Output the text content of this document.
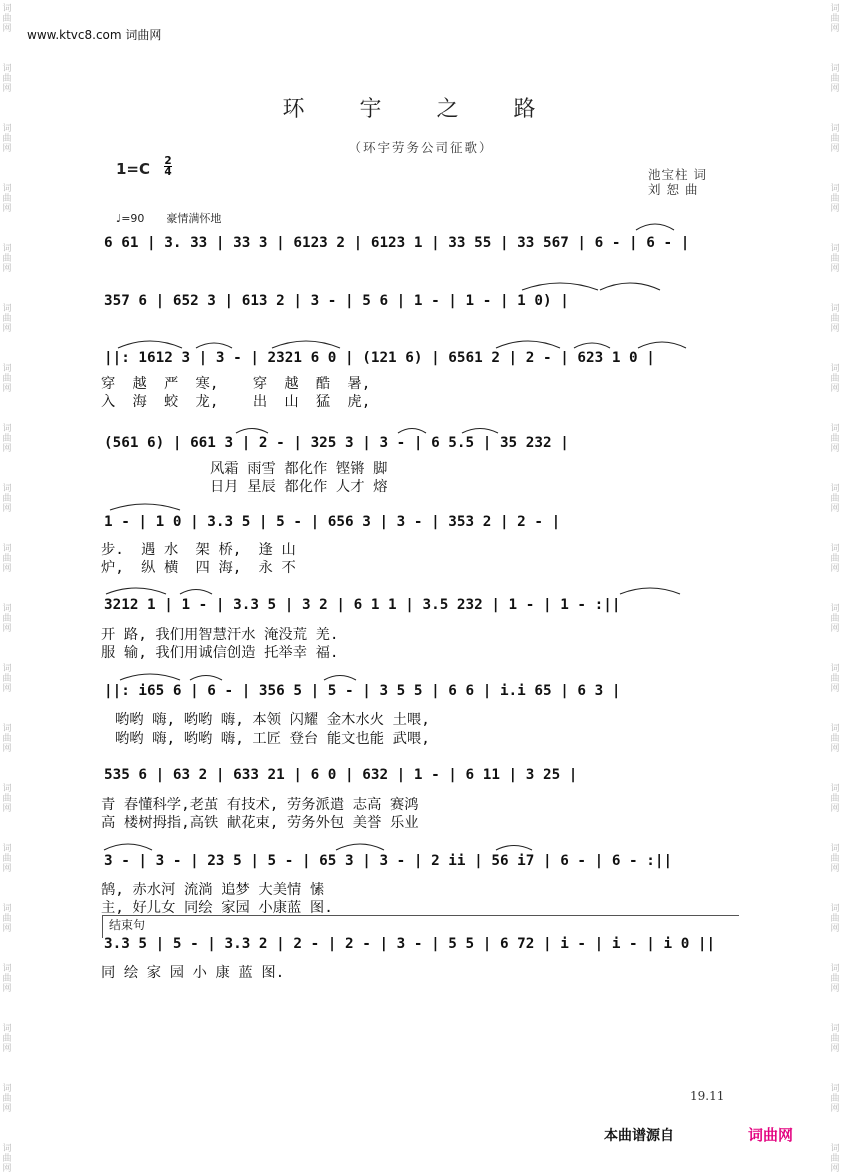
词
曲
网
词
曲
网
词
曲
网
词
曲
网
词
曲
网
词
曲
网
词
曲
网
词
曲
网
词
曲
网
词
曲
网
词
曲
网
词
曲
网
词
曲
网
词
曲
网
词
曲
网
词
曲
网
词
曲
网
词
曲
网
词
曲
网
词
曲
网
词
曲
网
词
曲
网
词
曲
网
词
曲
网
词
曲
网
词
曲
网
词
曲
网
词
曲
网
词
曲
网
词
曲
网
词
曲
网
词
曲
网
词
曲
网
词
曲
网
词
曲
网
词
曲
网
词
曲
网
词
曲
网
词
曲
网
词
曲
网
www.ktvc8.com 词曲网
环 宇 之 路
（环宇劳务公司征歌）
1=C 2
4	池宝柱 词
刘 恕 曲
♩=90 豪情满怀地
6 61 | 3. 33 | 33 3 | 6123 2 | 6123 1 | 33 55 | 33 567 | 6 - | 6 - |
357 6 | 652 3 | 613 2 | 3 - | 5 6 | 1 - | 1 - | 1 0) |
||: 1612 3 | 3 - | 2321 6 0 | (121 6) | 6561 2 | 2 - | 623 1 0 |
穿  越  严  寒,    穿  越  酷  暑,
入  海  蛟  龙,    出  山  猛  虎,
(561 6) | 661 3 | 2 - | 325 3 | 3 - | 6 5.5 | 35 232 |
风霜 雨雪 都化作 铿锵 脚
日月 星辰 都化作 人才 熔
1 - | 1 0 | 3.3 5 | 5 - | 656 3 | 3 - | 353 2 | 2 - |
步.  遇 水  架 桥,  逢 山
炉,  纵 横  四 海,  永 不
3212 1 | 1 - | 3.3 5 | 3 2 | 6 1 1 | 3.5 232 | 1 - | 1 - :||
开 路, 我们用智慧汗水 淹没荒 羌.
服 输, 我们用诚信创造 托举幸 福.
||: i65 6 | 6 - | 356 5 | 5 - | 3 5 5 | 6 6 | i.i 65 | 6 3 |
哟哟 嗨, 哟哟 嗨, 本领 闪耀 金木水火 土喂,
哟哟 嗨, 哟哟 嗨, 工匠 登台 能文也能 武喂,
535 6 | 63 2 | 633 21 | 6 0 | 632 | 1 - | 6 11 | 3 25 |
青 春懂科学,老茧 有技术, 劳务派遣 志高 赛鸿
高 楼树拇指,高铁 献花束, 劳务外包 美誉 乐业
3 - | 3 - | 23 5 | 5 - | 65 3 | 3 - | 2 ii | 56 i7 | 6 - | 6 - :||
鹄, 赤水河 流淌 追梦 大美情 愫
主, 好儿女 同绘 家园 小康蓝 图.
结束句
3.3 5 | 5 - | 3.3 2 | 2 - | 2 - | 3 - | 5 5 | 6 72 | i - | i - | i 0 ||
同 绘 家 园 小 康 蓝 图.
19.11
本曲谱源自	词曲网
